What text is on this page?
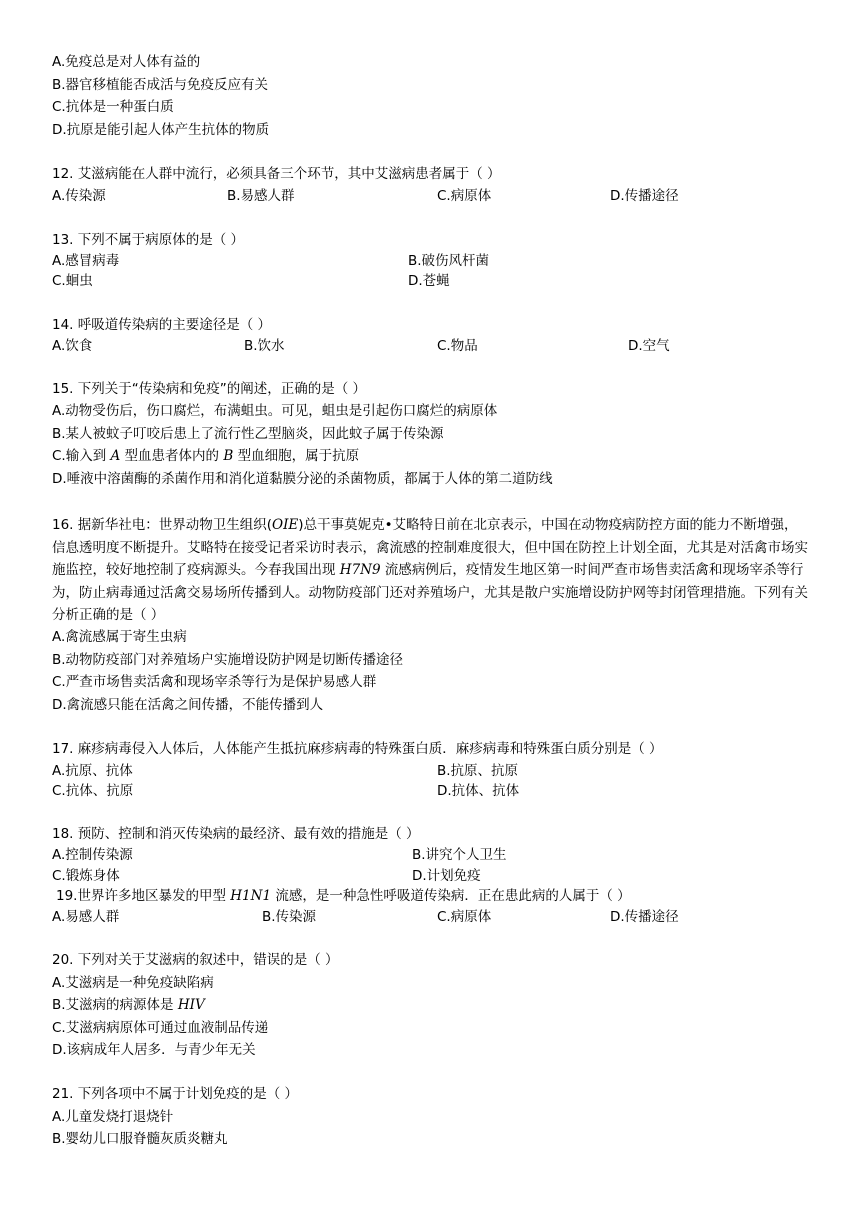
A.免疫总是对人体有益的
B.器官移植能否成活与免疫反应有关
C.抗体是一种蛋白质
D.抗原是能引起人体产生抗体的物质
12. 艾滋病能在人群中流行，必须具备三个环节，其中艾滋病患者属于（ ）
A.传染源	B.易感人群	C.病原体	D.传播途径
13. 下列不属于病原体的是（ ）
A.感冒病毒	B.破伤风杆菌
C.蛔虫	D.苍蝇
14. 呼吸道传染病的主要途径是（ ）
A.饮食	B.饮水	C.物品	D.空气
15. 下列关于“传染病和免疫”的阐述，正确的是（ ）
A.动物受伤后，伤口腐烂，布满蛆虫。可见，蛆虫是引起伤口腐烂的病原体
B.某人被蚊子叮咬后患上了流行性乙型脑炎，因此蚊子属于传染源
C.输入到 A 型血患者体内的 B 型血细胞，属于抗原
D.唾液中溶菌酶的杀菌作用和消化道黏膜分泌的杀菌物质，都属于人体的第二道防线
16. 据新华社电：世界动物卫生组织(OIE)总干事莫妮克•艾略特日前在北京表示，中国在动物疫病防控方面的能力不断增强，信息透明度不断提升。艾略特在接受记者采访时表示，禽流感的控制难度很大，但中国在防控上计划全面，尤其是对活禽市场实施监控，较好地控制了疫病源头。今春我国出现 H7N9 流感病例后，疫情发生地区第一时间严查市场售卖活禽和现场宰杀等行为，防止病毒通过活禽交易场所传播到人。动物防疫部门还对养殖场户，尤其是散户实施增设防护网等封闭管理措施。下列有关分析正确的是（ ）
A.禽流感属于寄生虫病
B.动物防疫部门对养殖场户实施增设防护网是切断传播途径
C.严查市场售卖活禽和现场宰杀等行为是保护易感人群
D.禽流感只能在活禽之间传播，不能传播到人
17. 麻疹病毒侵入人体后，人体能产生抵抗麻疹病毒的特殊蛋白质．麻疹病毒和特殊蛋白质分别是（ ）
A.抗原、抗体	B.抗原、抗原
C.抗体、抗原	D.抗体、抗体
18. 预防、控制和消灭传染病的最经济、最有效的措施是（ ）
A.控制传染源	B.讲究个人卫生
C.锻炼身体	D.计划免疫
19.世界许多地区暴发的甲型 H1N1 流感，是一种急性呼吸道传染病．正在患此病的人属于（ ）
A.易感人群	B.传染源	C.病原体	D.传播途径
20. 下列对关于艾滋病的叙述中，错误的是（ ）
A.艾滋病是一种免疫缺陷病
B.艾滋病的病源体是 HIV
C.艾滋病病原体可通过血液制品传递
D.该病成年人居多．与青少年无关
21. 下列各项中不属于计划免疫的是（ ）
A.儿童发烧打退烧针
B.婴幼儿口服脊髓灰质炎糖丸
